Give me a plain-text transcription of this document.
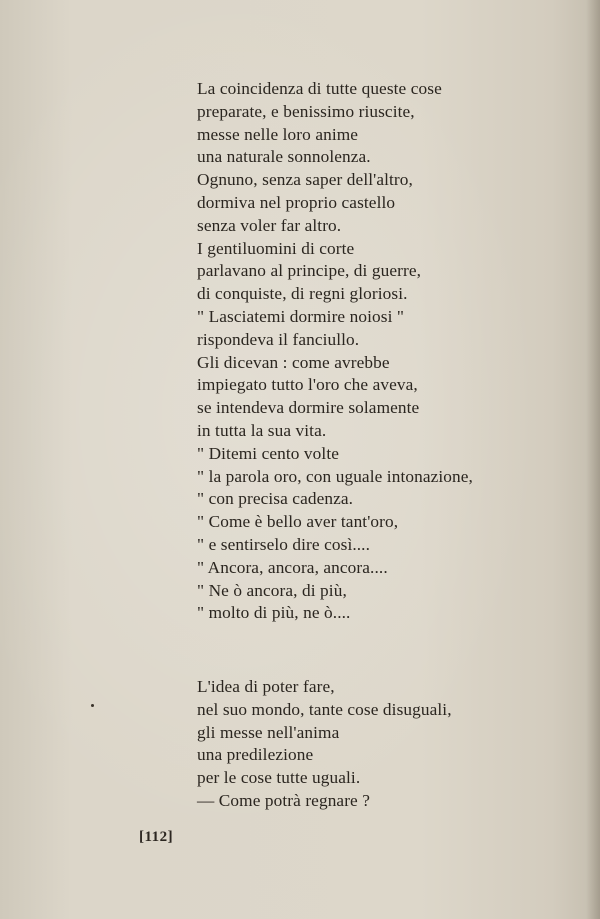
La coincidenza di tutte queste cose
preparate, e benissimo riuscite,
messe nelle loro anime
una naturale sonnolenza.
Ognuno, senza saper dell'altro,
dormiva nel proprio castello
senza voler far altro.
I gentiluomini di corte
parlavano al principe, di guerre,
di conquiste, di regni gloriosi.
" Lasciatemi dormire noiosi "
rispondeva il fanciullo.
Gli dicevan : come avrebbe
impiegato tutto l'oro che aveva,
se intendeva dormire solamente
in tutta la sua vita.
" Ditemi cento volte
" la parola oro, con uguale intonazione,
" con precisa cadenza.
" Come è bello aver tant'oro,
" e sentirselo dire così....
" Ancora, ancora, ancora....
" Ne ò ancora, di più,
" molto di più, ne ò....
L'idea di poter fare,
nel suo mondo, tante cose disuguali,
gli messe nell'anima
una predilezione
per le cose tutte uguali.
— Come potrà regnare ?
[112]
